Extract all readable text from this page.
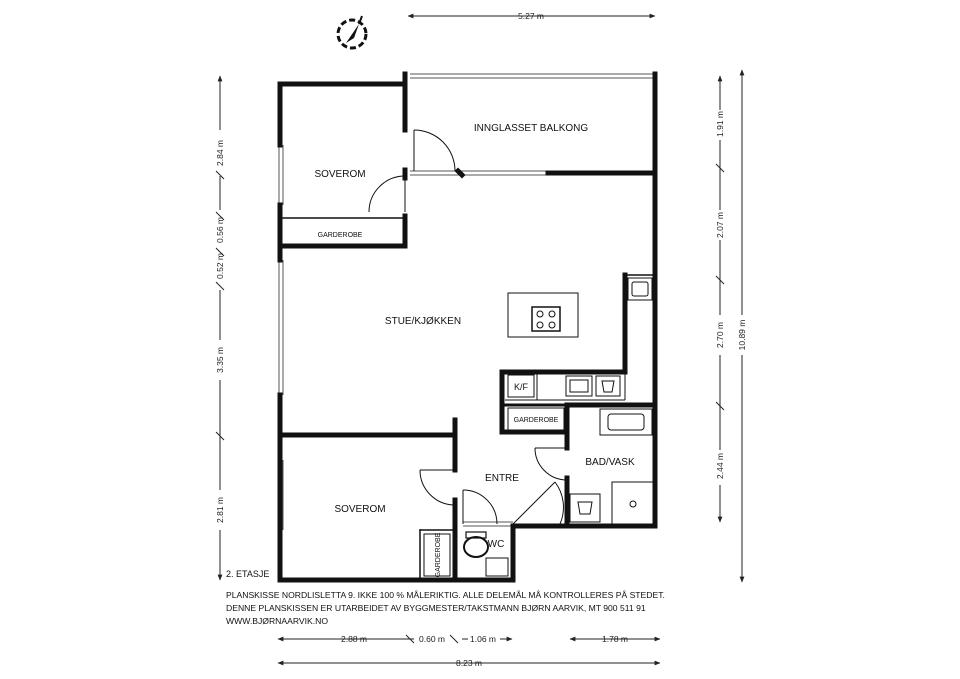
5.27 m
8.23 m
2.88 m	0.60 m	1.06 m	1.78 m
2.84 m
0.56 m
0.52 m
3.35 m
2.81 m
1.91 m
2.07 m
2.70 m
2.44 m
10.89 m
INNGLASSET BALKONG
SOVEROM
GARDEROBE
STUE/KJØKKEN
K/F
GARDEROBE
BAD/VASK
ENTRE
SOVEROM
GARDEROBE	WC
2. ETASJE
PLANSKISSE NORDLISLETTA 9. IKKE 100 % MÅLERIKTIG. ALLE DELEMÅL MÅ KONTROLLERES PÅ STEDET.
DENNE PLANSKISSEN ER UTARBEIDET AV BYGGMESTER/TAKSTMANN BJØRN AARVIK, MT 900 511 91
WWW.BJØRNAARVIK.NO
